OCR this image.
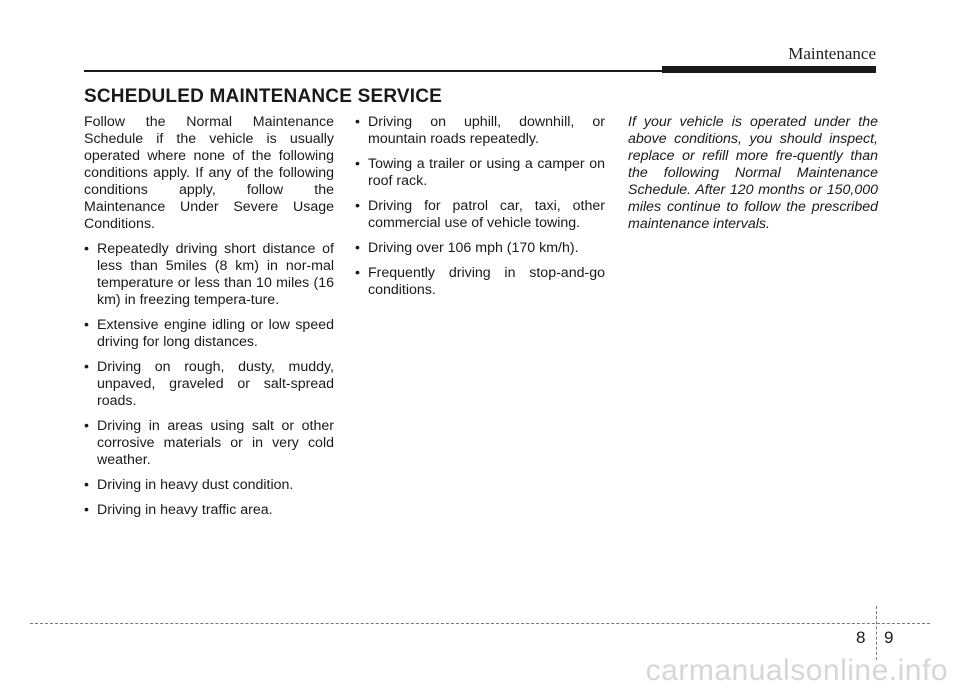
Maintenance
SCHEDULED MAINTENANCE SERVICE

Follow the Normal Maintenance Schedule if the vehicle is usually operated where none of the following conditions apply. If any of the following conditions apply, follow the Maintenance Under Severe Usage Conditions.

• Repeatedly driving short distance of less than 5miles (8 km) in nor-mal temperature or less than 10 miles (16 km) in freezing tempera-ture.
• Extensive engine idling or low speed driving for long distances.
• Driving on rough, dusty, muddy, unpaved, graveled or salt-spread roads.
• Driving in areas using salt or other corrosive materials or in very cold weather.
• Driving in heavy dust condition.
• Driving in heavy traffic area.
• Driving on uphill, downhill, or mountain roads repeatedly.
• Towing a trailer or using a camper on roof rack.
• Driving for patrol car, taxi, other commercial use of vehicle towing.
• Driving over 106 mph (170 km/h).
• Frequently driving in stop-and-go conditions.

If your vehicle is operated under the above conditions, you should inspect, replace or refill more fre-quently than the following Normal Maintenance Schedule. After 120 months or 150,000 miles continue to follow the prescribed maintenance intervals.

8 9
carmanualsonline.info
